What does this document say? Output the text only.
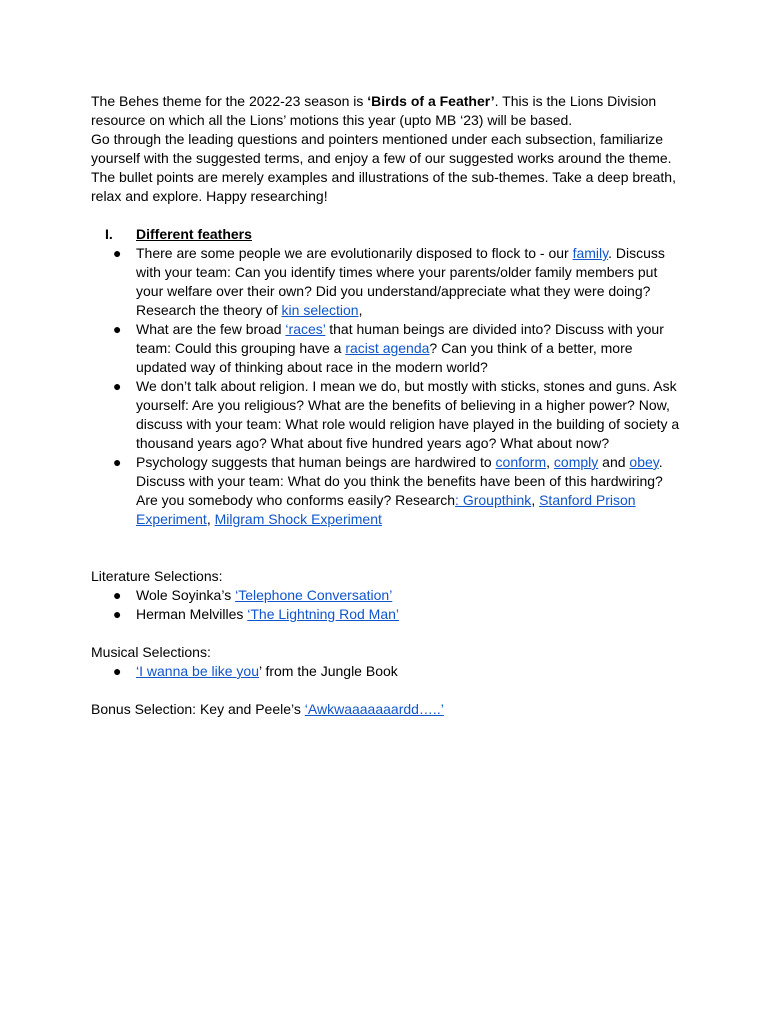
The Behes theme for the 2022-23 season is ‘Birds of a Feather’. This is the Lions Division resource on which all the Lions’ motions this year (upto MB ‘23) will be based.

Go through the leading questions and pointers mentioned under each subsection, familiarize yourself with the suggested terms, and enjoy a few of our suggested works around the theme. The bullet points are merely examples and illustrations of the sub-themes. Take a deep breath, relax and explore. Happy researching!

I.	Different feathers
● There are some people we are evolutionarily disposed to flock to - our family. Discuss with your team: Can you identify times where your parents/older family members put your welfare over their own? Did you understand/appreciate what they were doing? Research the theory of kin selection,
● What are the few broad ‘races’ that human beings are divided into? Discuss with your team: Could this grouping have a racist agenda? Can you think of a better, more updated way of thinking about race in the modern world?
● We don’t talk about religion. I mean we do, but mostly with sticks, stones and guns. Ask yourself: Are you religious? What are the benefits of believing in a higher power? Now, discuss with your team: What role would religion have played in the building of society a thousand years ago? What about five hundred years ago? What about now?
● Psychology suggests that human beings are hardwired to conform, comply and obey. Discuss with your team: What do you think the benefits have been of this hardwiring? Are you somebody who conforms easily? Research: Groupthink, Stanford Prison Experiment, Milgram Shock Experiment

Literature Selections:

● Wole Soyinka’s ‘Telephone Conversation’
● Herman Melvilles ‘The Lightning Rod Man’

Musical Selections:

● ‘I wanna be like you’ from the Jungle Book

Bonus Selection: Key and Peele’s ‘Awkwaaaaaaardd…..’
